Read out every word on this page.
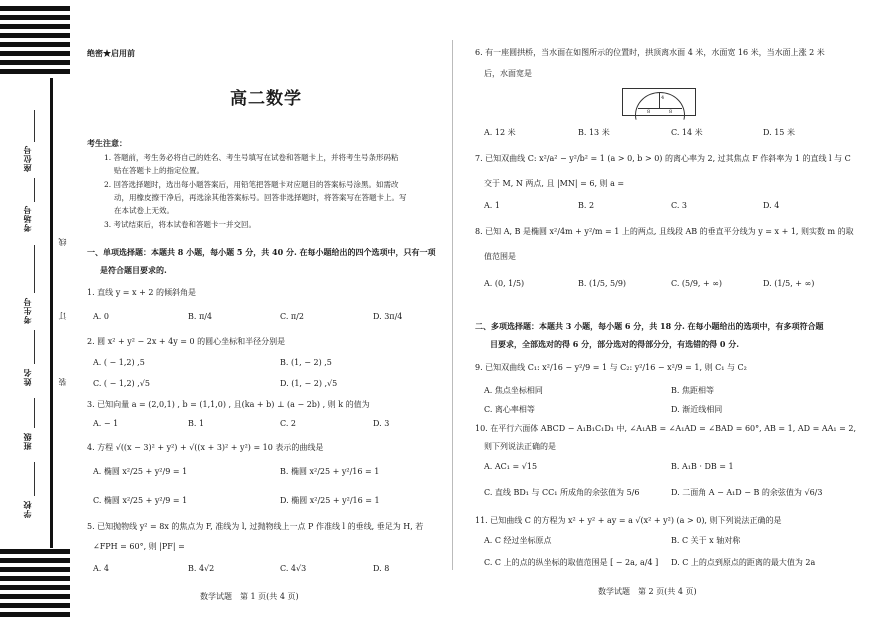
座位号
考场号
考生号
姓名
班级
学校
线
订
装
绝密★启用前
高二数学
考生注意：
1. 答题前，考生务必将自己的姓名、考生号填写在试卷和答题卡上，并将考生号条形码粘
贴在答题卡上的指定位置。
2. 回答选择题时，选出每小题答案后，用铅笔把答题卡对应题目的答案标号涂黑。如需改
动，用橡皮擦干净后，再选涂其他答案标号。回答非选择题时，将答案写在答题卡上。写
在本试卷上无效。
3. 考试结束后，将本试卷和答题卡一并交回。
一、单项选择题：本题共 8 小题，每小题 5 分，共 40 分. 在每小题给出的四个选项中，只有一项
是符合题目要求的.
1. 直线 y = x + 2 的倾斜角是
A. 0	B. π/4	C. π/2	D. 3π/4
2. 圆 x² + y² − 2x + 4y = 0 的圆心坐标和半径分别是
A. ( − 1,2) ,5	B. (1, − 2) ,5
C. ( − 1,2) ,√5	D. (1, − 2) ,√5
3. 已知向量 a = (2,0,1) , b = (1,1,0) , 且(ka + b) ⊥ (a − 2b) , 则 k 的值为
A. − 1	B. 1	C. 2	D. 3
4. 方程 √((x − 3)² + y²) + √((x + 3)² + y²) = 10 表示的曲线是
A. 椭圆 x²/25 + y²/9 = 1	B. 椭圆 x²/25 + y²/16 = 1
C. 椭圆 x²/25 + y²/9 = 1	D. 椭圆 x²/25 + y²/16 = 1
5. 已知抛物线 y² = 8x 的焦点为 F, 准线为 l, 过抛物线上一点 P 作准线 l 的垂线, 垂足为 H, 若
∠FPH = 60°, 则 |PF| =
A. 4	B. 4√2	C. 4√3	D. 8
数学试题　第 1 页(共 4 页)
6. 有一座圆拱桥，当水面在如图所示的位置时，拱顶离水面 4 米，水面宽 16 米，当水面上涨 2 米
后，水面宽是
4
8	8
A. 12 米	B. 13 米	C. 14 米	D. 15 米
7. 已知双曲线 C: x²/a² − y²/b² = 1 (a > 0, b > 0) 的离心率为 2, 过其焦点 F 作斜率为 1 的直线 l 与 C
交于 M, N 两点, 且 |MN| = 6, 则 a =
A. 1	B. 2	C. 3	D. 4
8. 已知 A, B 是椭圆 x²/4m + y²/m = 1 上的两点, 且线段 AB 的垂直平分线为 y = x + 1, 则实数 m 的取
值范围是
A. (0, 1/5)	B. (1/5, 5/9)	C. (5/9, + ∞)	D. (1/5, + ∞)
二、多项选择题：本题共 3 小题，每小题 6 分，共 18 分. 在每小题给出的选项中，有多项符合题
目要求，全部选对的得 6 分，部分选对的得部分分，有选错的得 0 分.
9. 已知双曲线 C₁: x²/16 − y²/9 = 1 与 C₂: y²/16 − x²/9 = 1, 则 C₁ 与 C₂
A. 焦点坐标相同	B. 焦距相等
C. 离心率相等	D. 渐近线相同
10. 在平行六面体 ABCD − A₁B₁C₁D₁ 中, ∠A₁AB = ∠A₁AD = ∠BAD = 60°, AB = 1, AD = AA₁ = 2,
则下列说法正确的是
A. AC₁ = √15	B. A₁B · DB = 1
C. 直线 BD₁ 与 CC₁ 所成角的余弦值为 5/6	D. 二面角 A − A₁D − B 的余弦值为 √6/3
11. 已知曲线 C 的方程为 x² + y² + ay = a √(x² + y²) (a > 0), 则下列说法正确的是
A. C 经过坐标原点	B. C 关于 x 轴对称
C. C 上的点的纵坐标的取值范围是 [ − 2a, a/4 ] D. C 上的点到原点的距离的最大值为 2a
数学试题　第 2 页(共 4 页)
